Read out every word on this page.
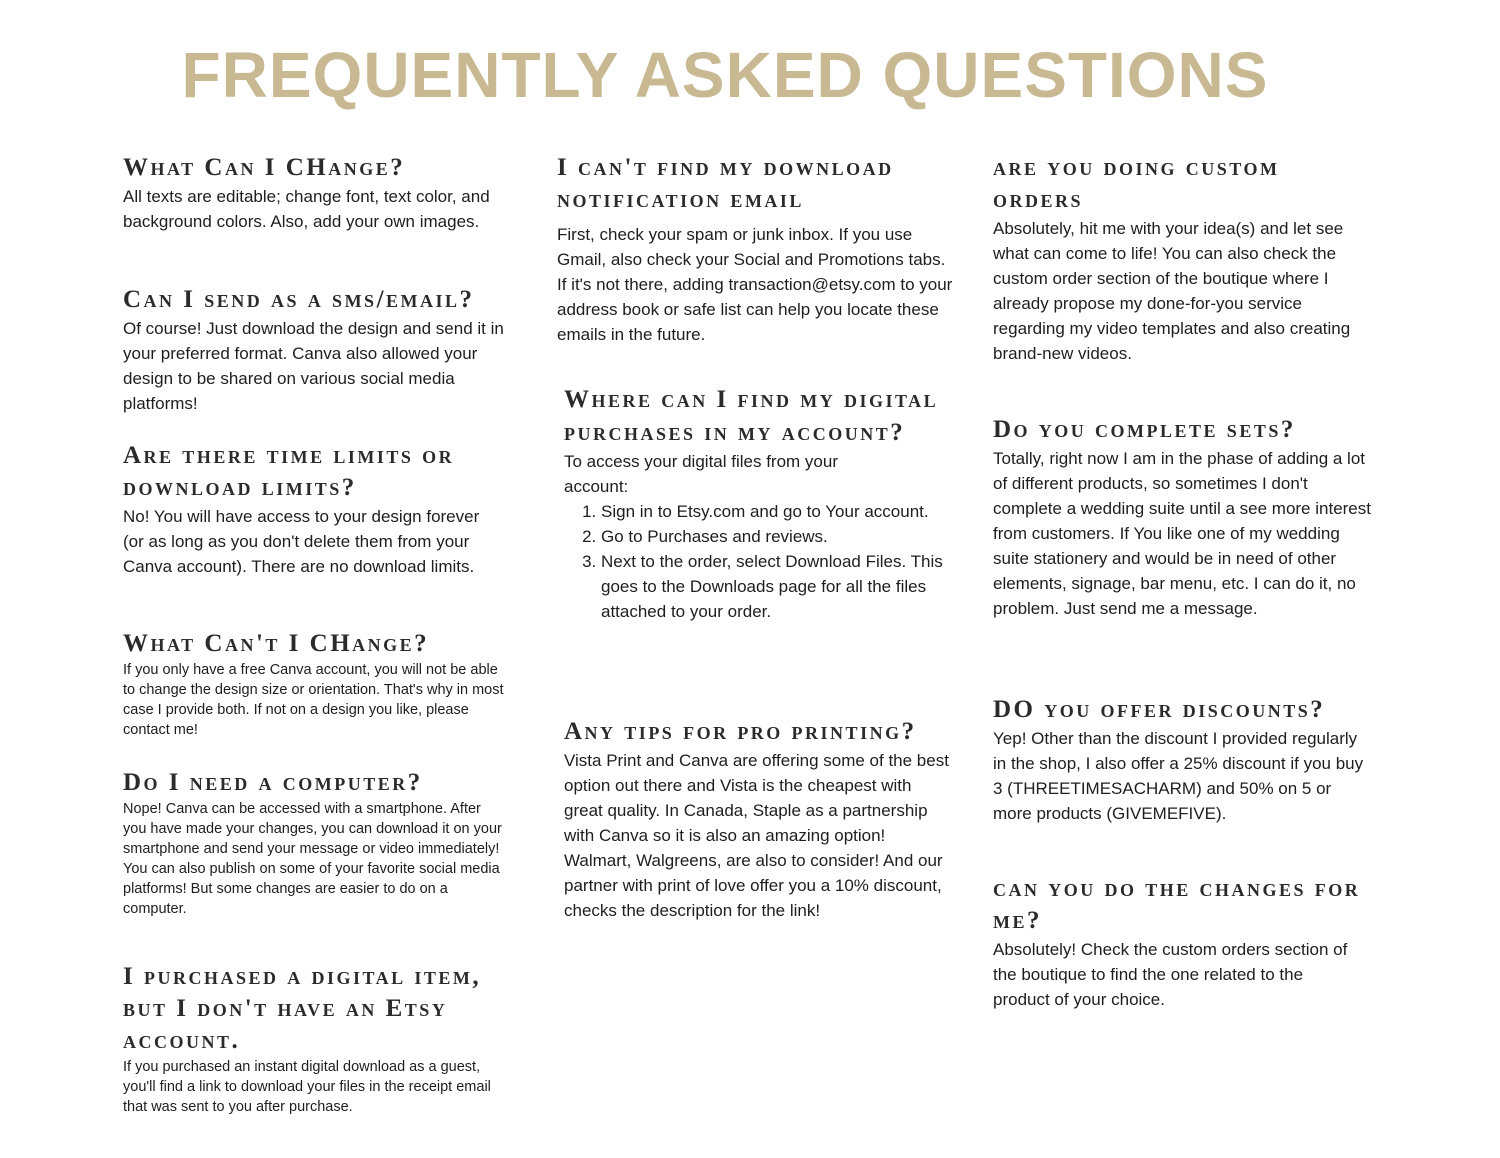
FREQUENTLY ASKED QUESTIONS
What Can I CHange?

All texts are editable; change font, text color, and background colors. Also, add your own images.

Can I send as a sms/email?

Of course! Just download the design and send it in your preferred format. Canva also allowed your design to be shared on various social media platforms!

Are there time limits or download limits?

No! You will have access to your design forever (or as long as you don't delete them from your Canva account). There are no download limits.

What Can't I CHange?

If you only have a free Canva account, you will not be able to change the design size or orientation. That's why in most case I provide both. If not on a design you like, please contact me!

Do I need a computer?

Nope! Canva can be accessed with a smartphone. After you have made your changes, you can download it on your smartphone and send your message or video immediately! You can also publish on some of your favorite social media platforms! But some changes are easier to do on a computer.

I purchased a digital item, but I don't have an Etsy account.

If you purchased an instant digital download as a guest, you'll find a link to download your files in the receipt email that was sent to you after purchase.

I can't find my download notification email

First, check your spam or junk inbox. If you use Gmail, also check your Social and Promotions tabs. If it's not there, adding transaction@etsy.com to your address book or safe list can help you locate these emails in the future.

Where can I find my digital purchases in my account?

To access your digital files from your account:

1. Sign in to Etsy.com and go to Your account.
2. Go to Purchases and reviews.
3. Next to the order, select Download Files. This goes to the Downloads page for all the files attached to your order.
Any tips for pro printing?

Vista Print and Canva are offering some of the best option out there and Vista is the cheapest with great quality. In Canada, Staple as a partnership with Canva so it is also an amazing option! Walmart, Walgreens, are also to consider! And our partner with print of love offer you a 10% discount, checks the description for the link!

are you doing custom orders

Absolutely, hit me with your idea(s) and let see what can come to life! You can also check the custom order section of the boutique where I already propose my done-for-you service regarding my video templates and also creating brand-new videos.

Do you complete sets?

Totally, right now I am in the phase of adding a lot of different products, so sometimes I don't complete a wedding suite until a see more interest from customers. If You like one of my wedding suite stationery and would be in need of other elements, signage, bar menu, etc. I can do it, no problem. Just send me a message.

DO you offer discounts?

Yep! Other than the discount I provided regularly in the shop, I also offer a 25% discount if you buy 3 (THREETIMESACHARM) and 50% on 5 or more products (GIVEMEFIVE).

can you do the changes for me?

Absolutely! Check the custom orders section of the boutique to find the one related to the product of your choice.
